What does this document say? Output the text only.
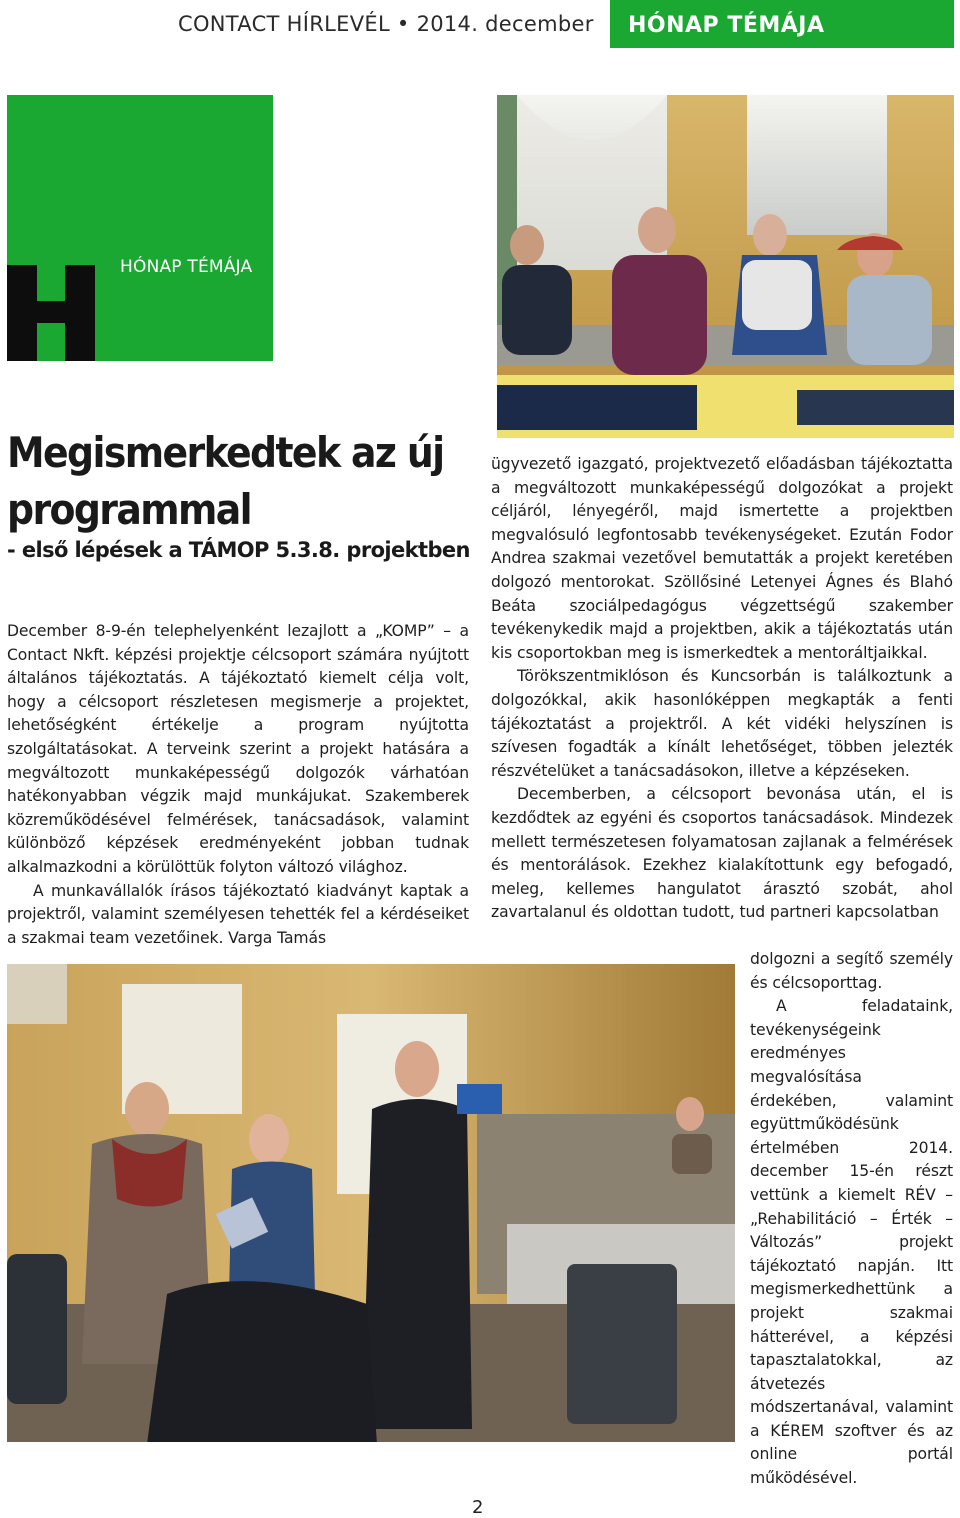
CONTACT HÍRLEVÉL • 2014. december	HÓNAP TÉMÁJA
HÓNAP TÉMÁJA
Megismerkedtek az új
programmal
- első lépések a TÁMOP 5.3.8. projektben

December 8-9-én telephelyenként lezajlott a „KOMP” – a Contact Nkft. képzési projektje célcsoport számára nyújtott általános tájékoztatás. A tájékoztató kiemelt célja volt, hogy a célcsoport részletesen megismerje a projektet, lehetőségként értékelje a program nyújtotta szolgáltatásokat. A terveink szerint a projekt hatására a megváltozott munkaképességű dolgozók várhatóan hatékonyabban végzik majd munkájukat. Szakemberek közreműködésével felmérések, tanácsadások, valamint különböző képzések eredményeként jobban tudnak alkalmazkodni a körülöttük folyton változó világhoz.

A munkavállalók írásos tájékoztató kiadványt kaptak a projektről, valamint személyesen tehették fel a kérdéseiket a szakmai team vezetőinek. Varga Tamás

ügyvezető igazgató, projektvezető előadásban tájékoztatta a megváltozott munkaképességű dolgozókat a projekt céljáról, lényegéről, majd ismertette a projektben megvalósuló legfontosabb tevékenységeket. Ezután Fodor Andrea szakmai vezetővel bemutatták a projekt keretében dolgozó mentorokat. Szöllősiné Letenyei Ágnes és Blahó Beáta szociálpedagógus végzettségű szakember tevékenykedik majd a projektben, akik a tájékoztatás után kis csoportokban meg is ismerkedtek a mentoráltjaikkal.

Törökszentmiklóson és Kuncsorbán is találkoztunk a dolgozókkal, akik hasonlóképpen megkapták a fenti tájékoztatást a projektről. A két vidéki helyszínen is szívesen fogadták a kínált lehetőséget, többen jelezték részvételüket a tanácsadásokon, illetve a képzéseken.

Decemberben, a célcsoport bevonása után, el is kezdődtek az egyéni és csoportos tanácsadások. Mindezek mellett természetesen folyamatosan zajlanak a felmérések és mentorálások. Ezekhez kialakítottunk egy befogadó, meleg, kellemes hangulatot árasztó szobát, ahol zavartalanul és oldottan tudott, tud partneri kapcsolatban

dolgozni a segítő személy és célcsoporttag.

A feladataink, tevékenységeink eredményes megvalósítása érdekében, valamint együttműködésünk értelmében 2014. december 15-én részt vettünk a kiemelt RÉV – „Rehabilitáció – Érték – Változás” projekt tájékoztató napján. Itt megismerkedhettünk a projekt szakmai hátterével, a képzési tapasztalatokkal, az átvetezés módszertanával, valamint a KÉREM szoftver és az online portál működésével.

2
